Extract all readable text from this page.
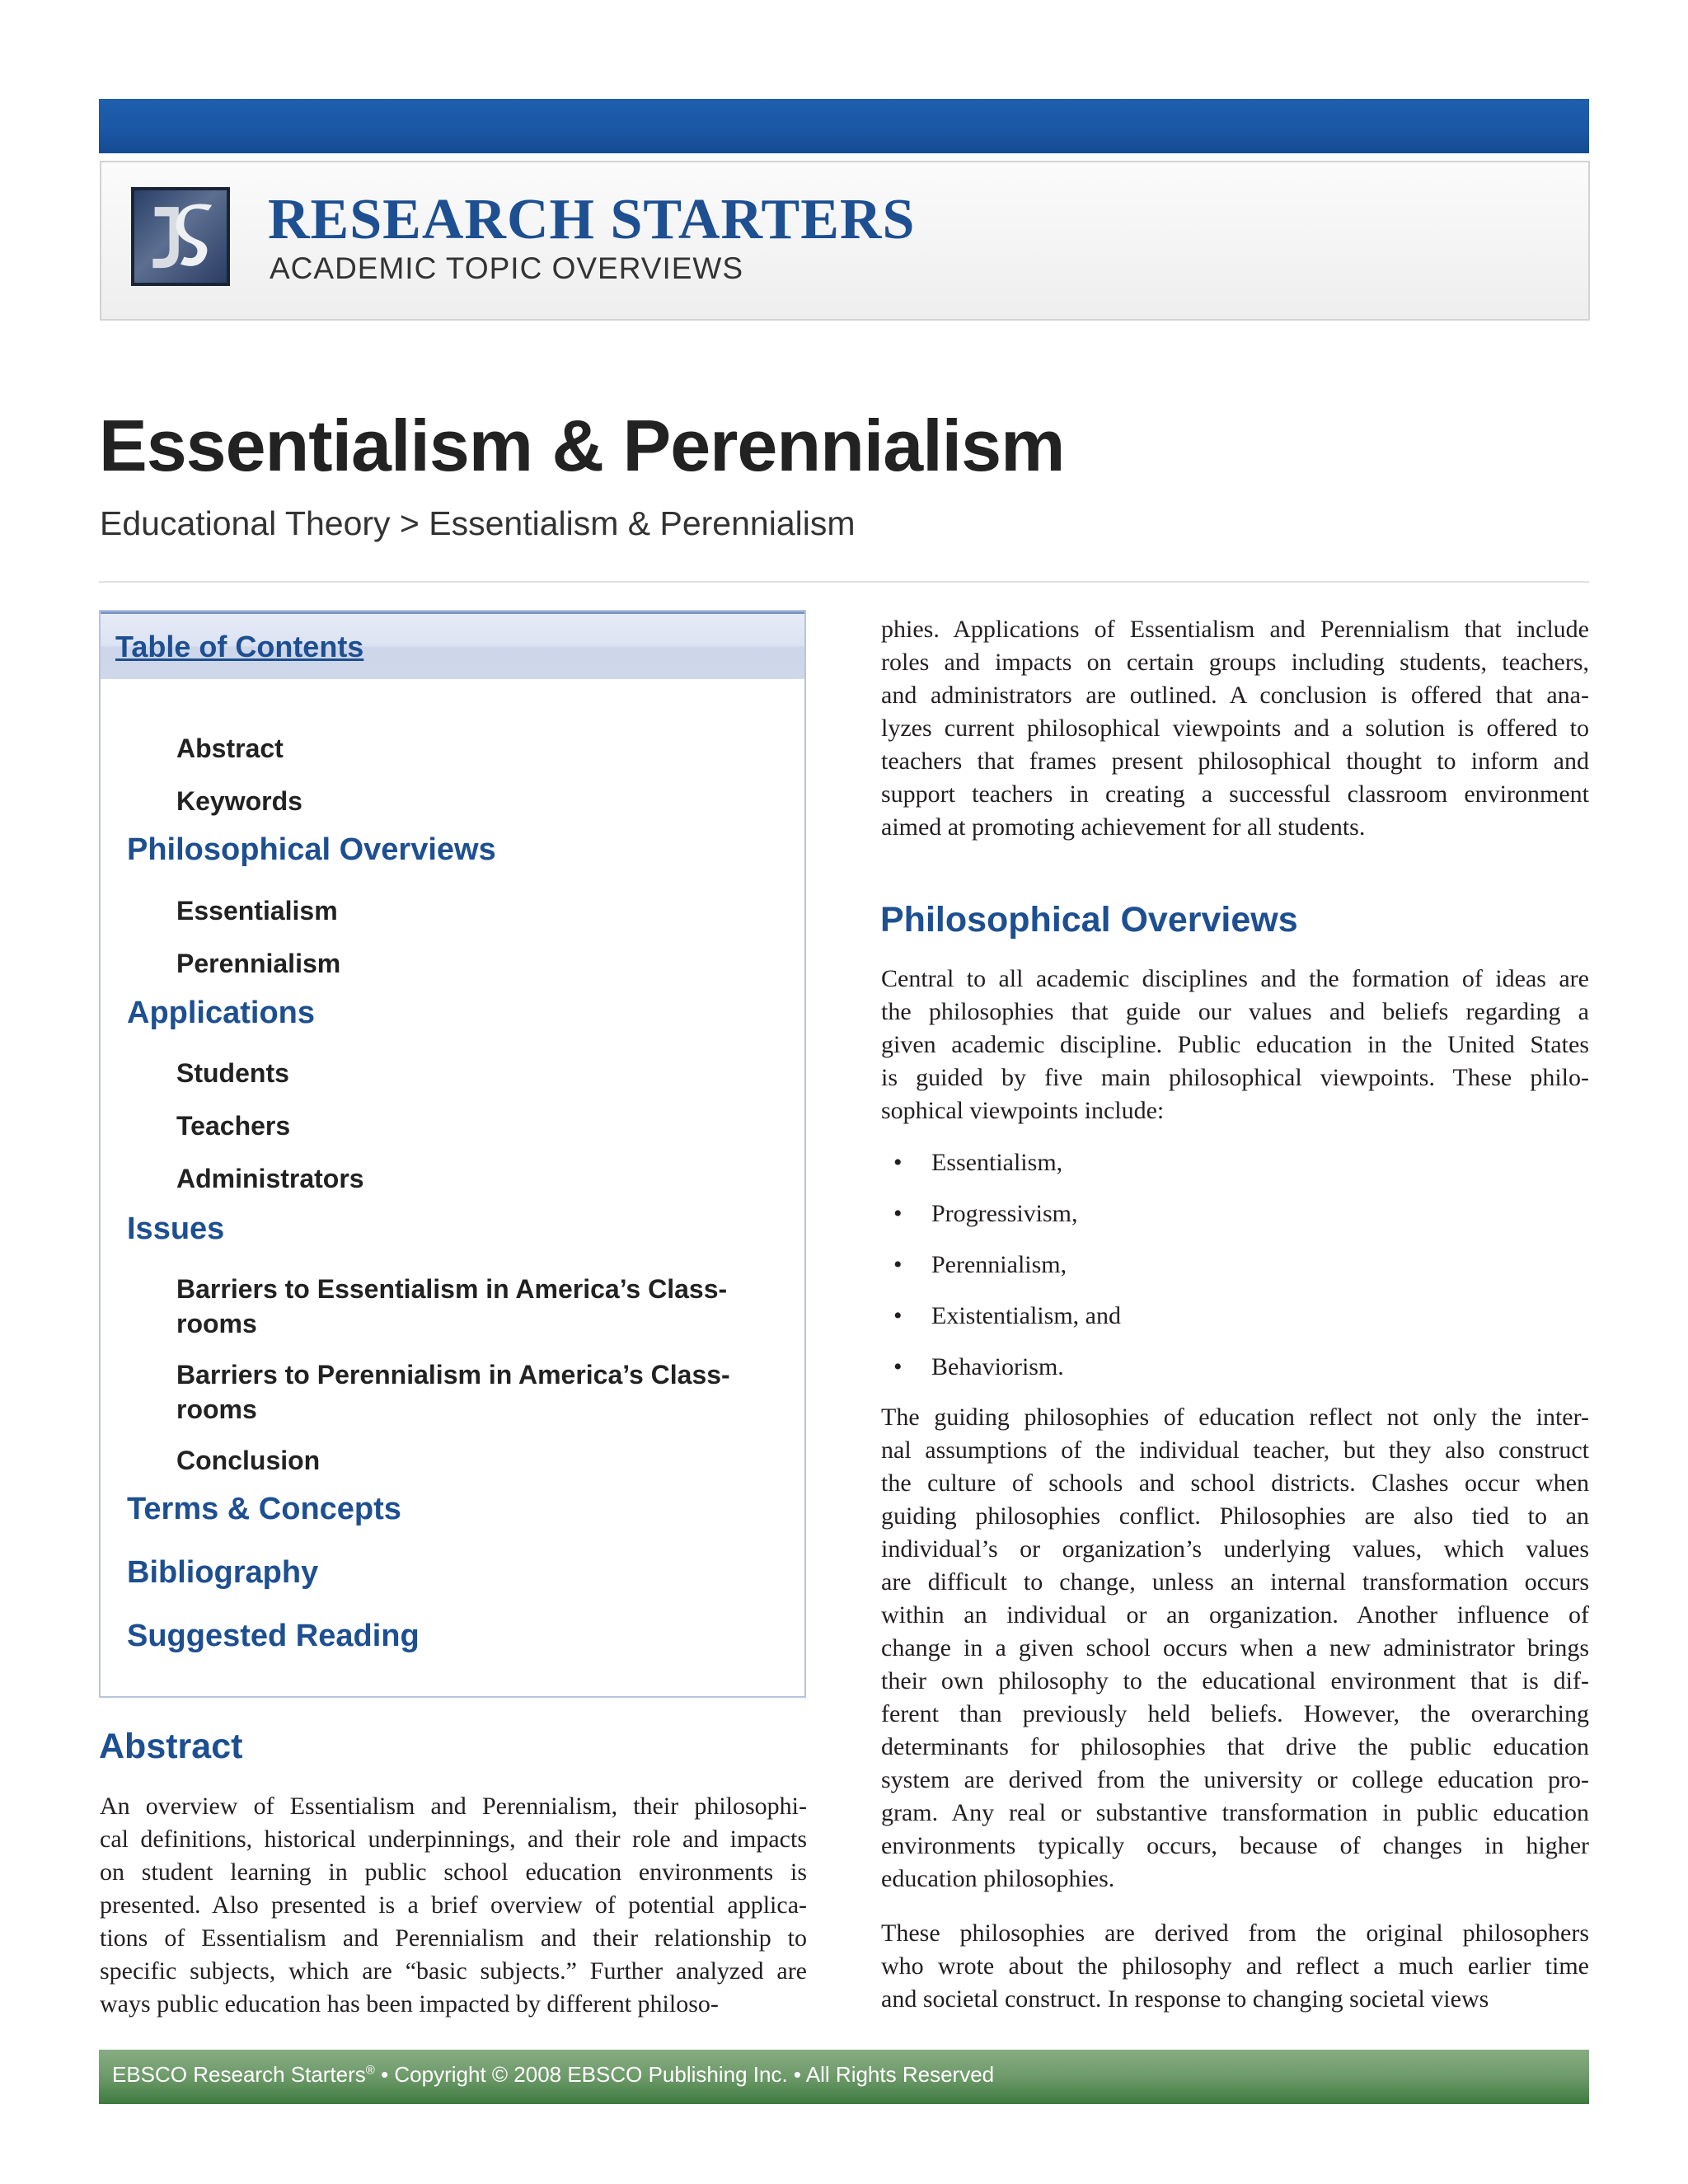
RESEARCH STARTERS

ACADEMIC TOPIC OVERVIEWS

Essentialism & Perennialism
Educational Theory > Essentialism & Perennialism
Table of Contents
Abstract
Keywords
Philosophical Overviews
Essentialism
Perennialism
Applications
Students
Teachers
Administrators
Issues
Barriers to Essentialism in America’s Class-
rooms
Barriers to Perennialism in America’s Class-
rooms
Conclusion
Terms & Concepts
Bibliography
Suggested Reading
Abstract
An overview of Essentialism and Perennialism, their philosophi-
cal definitions, historical underpinnings, and their role and impacts
on student learning in public school education environments is
presented. Also presented is a brief overview of potential applica-
tions of Essentialism and Perennialism and their relationship to
specific subjects, which are “basic subjects.” Further analyzed are
ways public education has been impacted by different philoso-
phies. Applications of Essentialism and Perennialism that include
roles and impacts on certain groups including students, teachers,
and administrators are outlined. A conclusion is offered that ana-
lyzes current philosophical viewpoints and a solution is offered to
teachers that frames present philosophical thought to inform and
support teachers in creating a successful classroom environment
aimed at promoting achievement for all students.
Philosophical Overviews
Central to all academic disciplines and the formation of ideas are
the philosophies that guide our values and beliefs regarding a
given academic discipline. Public education in the United States
is guided by five main philosophical viewpoints. These philo-
sophical viewpoints include:
• Essentialism,
• Progressivism,
• Perennialism,
• Existentialism, and
• Behaviorism.
The guiding philosophies of education reflect not only the inter-
nal assumptions of the individual teacher, but they also construct
the culture of schools and school districts. Clashes occur when
guiding philosophies conflict. Philosophies are also tied to an
individual’s or organization’s underlying values, which values
are difficult to change, unless an internal transformation occurs
within an individual or an organization. Another influence of
change in a given school occurs when a new administrator brings
their own philosophy to the educational environment that is dif-
ferent than previously held beliefs. However, the overarching
determinants for philosophies that drive the public education
system are derived from the university or college education pro-
gram. Any real or substantive transformation in public education
environments typically occurs, because of changes in higher
education philosophies.
These philosophies are derived from the original philosophers
who wrote about the philosophy and reflect a much earlier time
and societal construct. In response to changing societal views
EBSCO Research Starters® • Copyright © 2008 EBSCO Publishing Inc. • All Rights Reserved
